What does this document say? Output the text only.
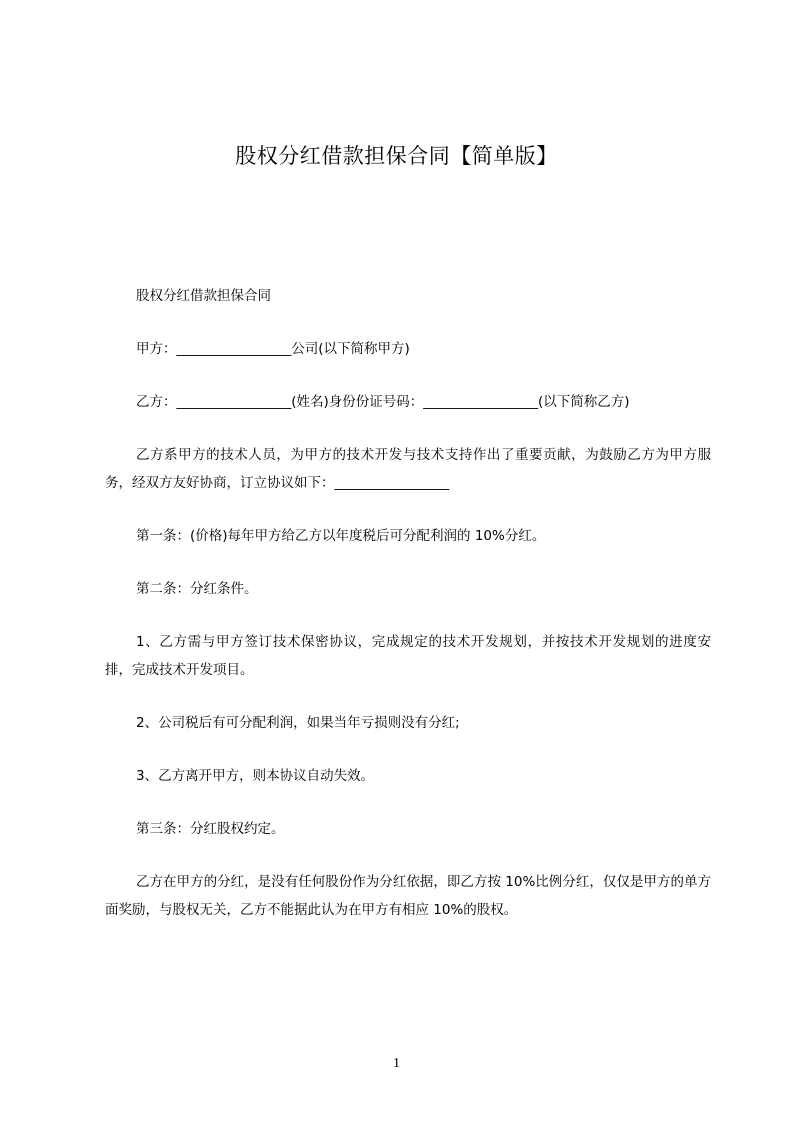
股权分红借款担保合同【简单版】

股权分红借款担保合同

甲方：_________________公司(以下简称甲方)

乙方：_________________(姓名)身份份证号码：_________________(以下简称乙方)

乙方系甲方的技术人员，为甲方的技术开发与技术支持作出了重要贡献，为鼓励乙方为甲方服务，经双方友好协商，订立协议如下：_________________

第一条：(价格)每年甲方给乙方以年度税后可分配利润的 10%分红。

第二条：分红条件。

1、乙方需与甲方签订技术保密协议，完成规定的技术开发规划，并按技术开发规划的进度安排，完成技术开发项目。

2、公司税后有可分配利润，如果当年亏损则没有分红;

3、乙方离开甲方，则本协议自动失效。

第三条：分红股权约定。

乙方在甲方的分红，是没有任何股份作为分红依据，即乙方按 10%比例分红，仅仅是甲方的单方面奖励，与股权无关，乙方不能据此认为在甲方有相应 10%的股权。

1
